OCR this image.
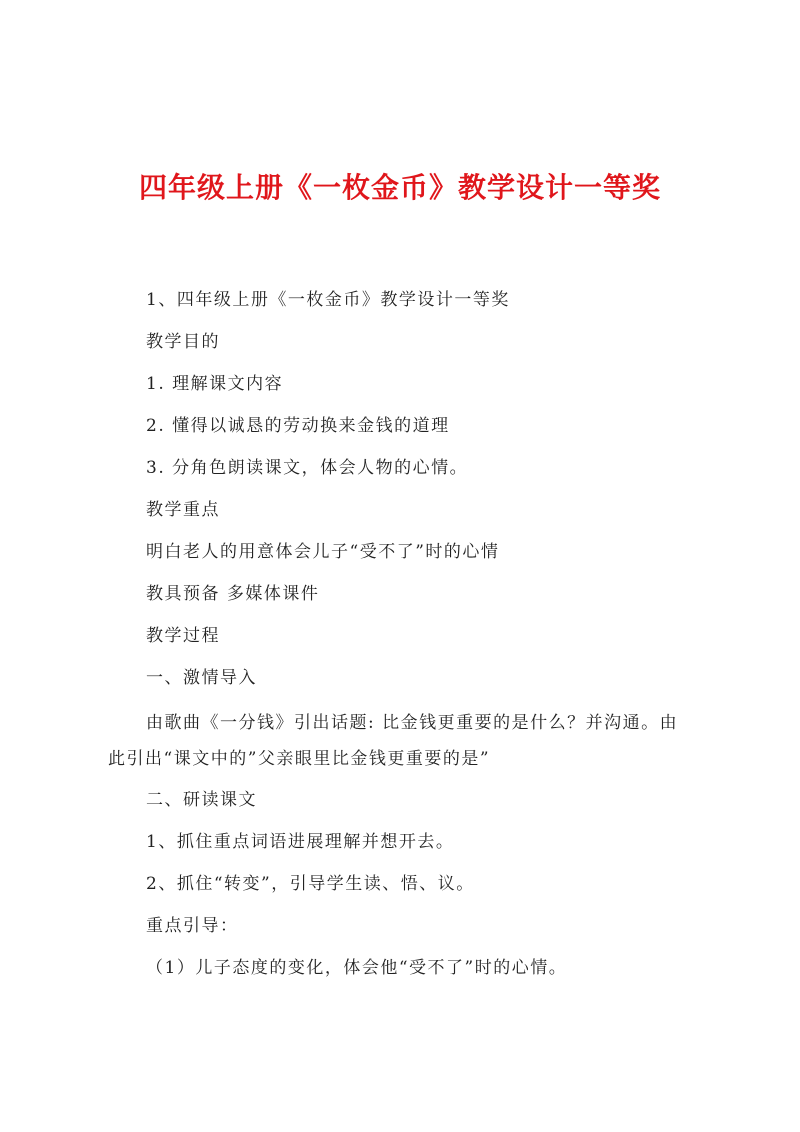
四年级上册《一枚金币》教学设计一等奖
1、四年级上册《一枚金币》教学设计一等奖
教学目的
1. 理解课文内容
2. 懂得以诚恳的劳动换来金钱的道理
3. 分角色朗读课文，体会人物的心情。
教学重点
明白老人的用意体会儿子“受不了”时的心情
教具预备 多媒体课件
教学过程
一、激情导入
由歌曲《一分钱》引出话题: 比金钱更重要的是什么？并沟通。由此引出“课文中的”父亲眼里比金钱更重要的是”
二、研读课文
1、抓住重点词语进展理解并想开去。
2、抓住“转变”，引导学生读、悟、议。
重点引导：
（1）儿子态度的变化，体会他“受不了”时的心情。
